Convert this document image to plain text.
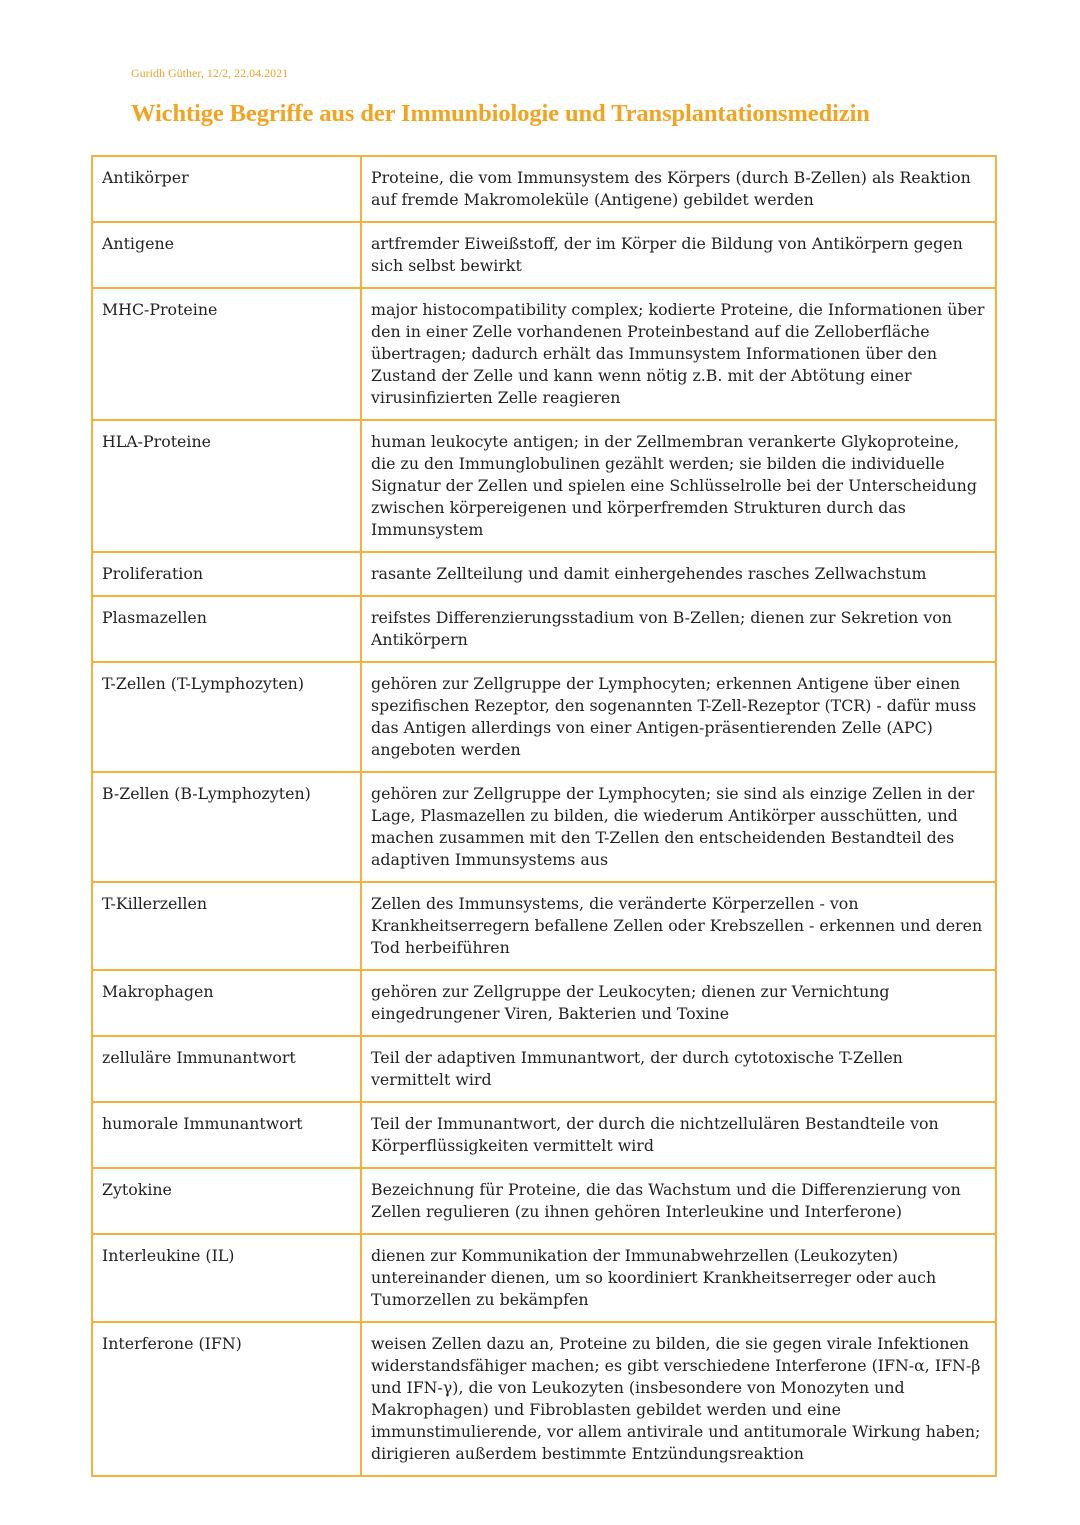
Guridh Güther, 12/2, 22.04.2021
Wichtige Begriffe aus der Immunbiologie und Transplantationsmedizin
Antikörper	Proteine, die vom Immunsystem des Körpers (durch B-Zellen) als Reaktion auf fremde Makromoleküle (Antigene) gebildet werden
Antigene	artfremder Eiweißstoff, der im Körper die Bildung von Antikörpern gegen sich selbst bewirkt
MHC-Proteine	major histocompatibility complex; kodierte Proteine, die Informationen über den in einer Zelle vorhandenen Proteinbestand auf die Zelloberfläche übertragen; dadurch erhält das Immunsystem Informationen über den Zustand der Zelle und kann wenn nötig z.B. mit der Abtötung einer virusinfizierten Zelle reagieren
HLA-Proteine	human leukocyte antigen; in der Zellmembran verankerte Glykoproteine, die zu den Immunglobulinen gezählt werden; sie bilden die individuelle Signatur der Zellen und spielen eine Schlüsselrolle bei der Unterscheidung zwischen körpereigenen und körperfremden Strukturen durch das Immunsystem
Proliferation	rasante Zellteilung und damit einhergehendes rasches Zellwachstum
Plasmazellen	reifstes Differenzierungsstadium von B-Zellen; dienen zur Sekretion von Antikörpern
T-Zellen (T-Lymphozyten)	gehören zur Zellgruppe der Lymphocyten; erkennen Antigene über einen spezifischen Rezeptor, den sogenannten T-Zell-Rezeptor (TCR) - dafür muss das Antigen allerdings von einer Antigen-präsentierenden Zelle (APC) angeboten werden
B-Zellen (B-Lymphozyten)	gehören zur Zellgruppe der Lymphocyten; sie sind als einzige Zellen in der Lage, Plasmazellen zu bilden, die wiederum Antikörper ausschütten, und machen zusammen mit den T-Zellen den entscheidenden Bestandteil des adaptiven Immunsystems aus
T-Killerzellen	Zellen des Immunsystems, die veränderte Körperzellen - von Krankheitserregern befallene Zellen oder Krebszellen - erkennen und deren Tod herbeiführen
Makrophagen	gehören zur Zellgruppe der Leukocyten; dienen zur Vernichtung eingedrungener Viren, Bakterien und Toxine
zelluläre Immunantwort	Teil der adaptiven Immunantwort, der durch cytotoxische T-Zellen vermittelt wird
humorale Immunantwort	Teil der Immunantwort, der durch die nichtzellulären Bestandteile von Körperflüssigkeiten vermittelt wird
Zytokine	Bezeichnung für Proteine, die das Wachstum und die Differenzierung von Zellen regulieren (zu ihnen gehören Interleukine und Interferone)
Interleukine (IL)	dienen zur Kommunikation der Immunabwehrzellen (Leukozyten) untereinander dienen, um so koordiniert Krankheitserreger oder auch Tumorzellen zu bekämpfen
Interferone (IFN)	weisen Zellen dazu an, Proteine zu bilden, die sie gegen virale Infektionen widerstandsfähiger machen; es gibt verschiedene Interferone (IFN-α, IFN-β und IFN-γ), die von Leukozyten (insbesondere von Monozyten und Makrophagen) und Fibroblasten gebildet werden und eine immunstimulierende, vor allem antivirale und antitumorale Wirkung haben;
dirigieren außerdem bestimmte Entzündungsreaktion
